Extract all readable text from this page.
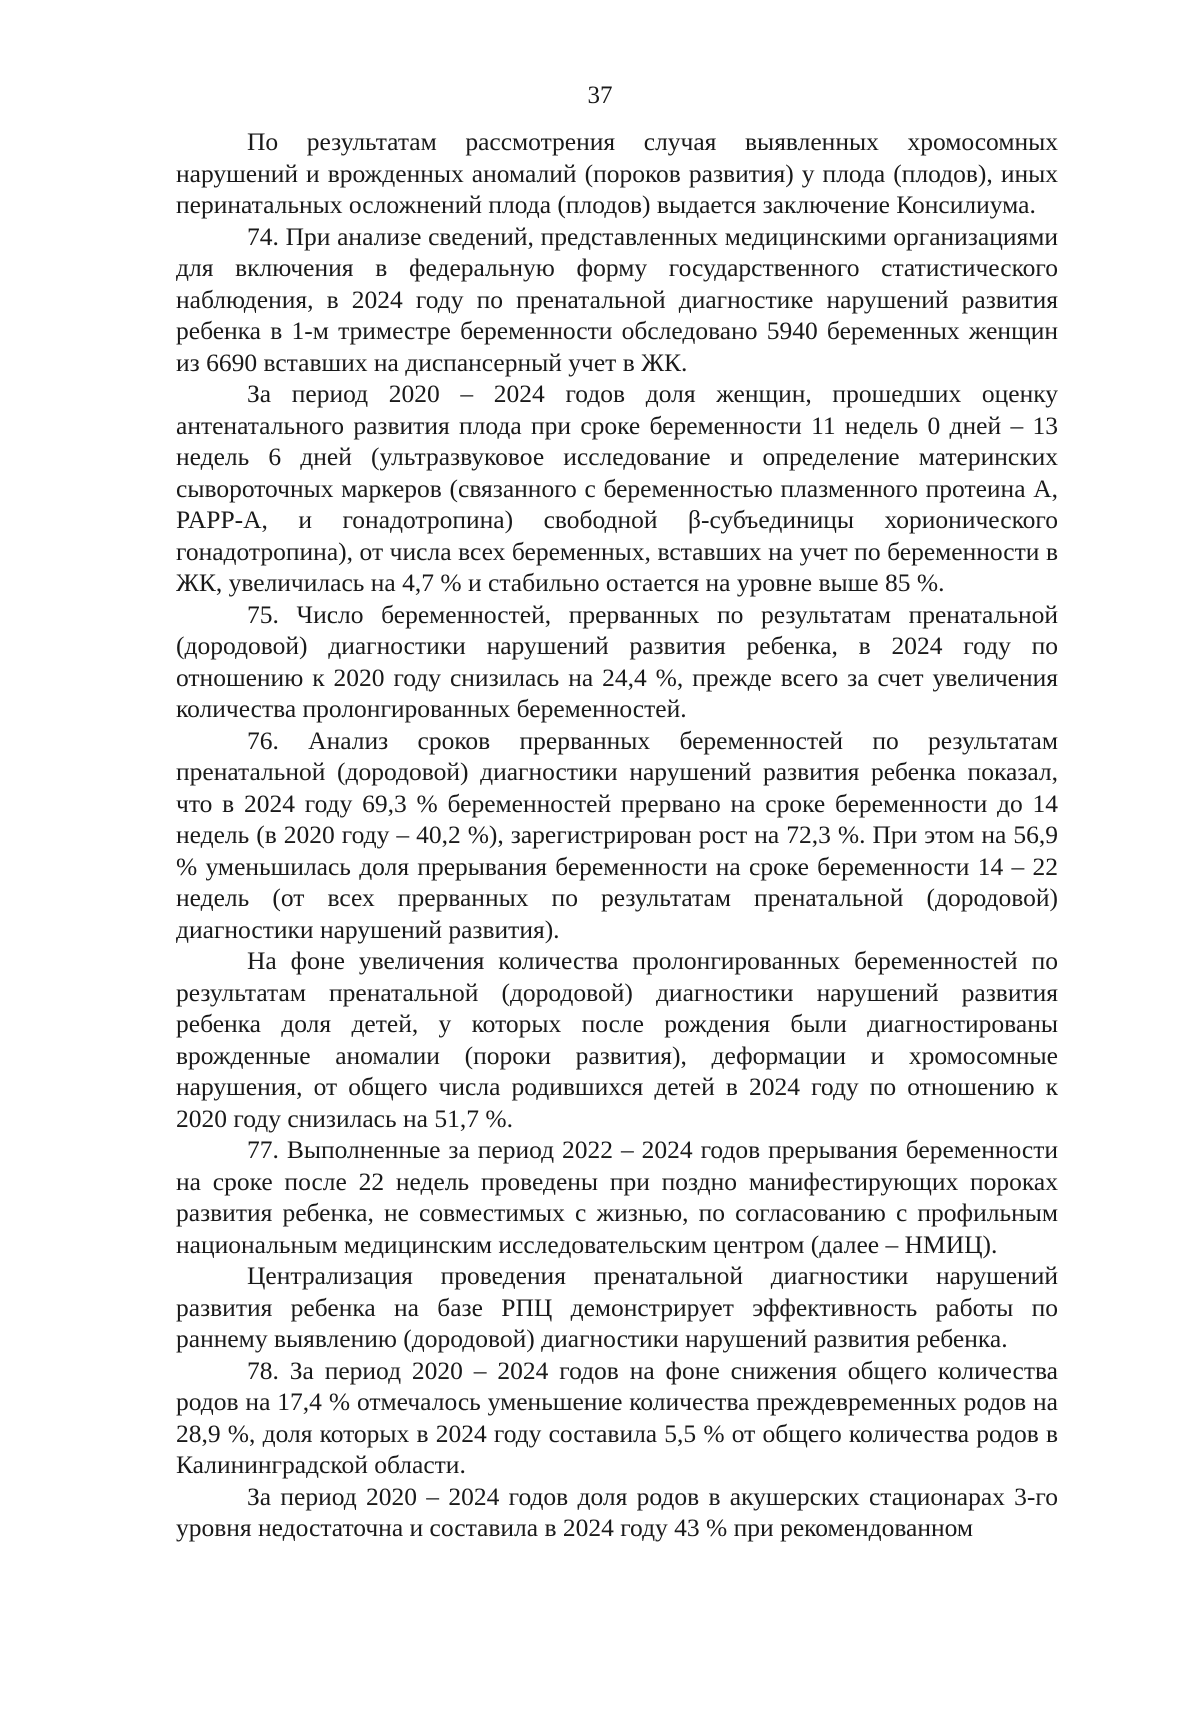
37

По результатам рассмотрения случая выявленных хромосомных нарушений и врожденных аномалий (пороков развития) у плода (плодов), иных перинатальных осложнений плода (плодов) выдается заключение Консилиума.

74. При анализе сведений, представленных медицинскими организациями для включения в федеральную форму государственного статистического наблюдения, в 2024 году по пренатальной диагностике нарушений развития ребенка в 1-м триместре беременности обследовано 5940 беременных женщин из 6690 вставших на диспансерный учет в ЖК.

За период 2020 – 2024 годов доля женщин, прошедших оценку антенатального развития плода при сроке беременности 11 недель 0 дней – 13 недель 6 дней (ультразвуковое исследование и определение материнских сывороточных маркеров (связанного с беременностью плазменного протеина A, PAPP-A, и гонадотропина) свободной β-субъединицы хорионического гонадотропина), от числа всех беременных, вставших на учет по беременности в ЖК, увеличилась на 4,7 % и стабильно остается на уровне выше 85 %.

75. Число беременностей, прерванных по результатам пренатальной (дородовой) диагностики нарушений развития ребенка, в 2024 году по отношению к 2020 году снизилась на 24,4 %, прежде всего за счет увеличения количества пролонгированных беременностей.

76. Анализ сроков прерванных беременностей по результатам пренатальной (дородовой) диагностики нарушений развития ребенка показал, что в 2024 году 69,3 % беременностей прервано на сроке беременности до 14 недель (в 2020 году – 40,2 %), зарегистрирован рост на 72,3 %. При этом на 56,9 % уменьшилась доля прерывания беременности на сроке беременности 14 – 22 недель (от всех прерванных по результатам пренатальной (дородовой) диагностики нарушений развития).

На фоне увеличения количества пролонгированных беременностей по результатам пренатальной (дородовой) диагностики нарушений развития ребенка доля детей, у которых после рождения были диагностированы врожденные аномалии (пороки развития), деформации и хромосомные нарушения, от общего числа родившихся детей в 2024 году по отношению к 2020 году снизилась на 51,7 %.

77. Выполненные за период 2022 – 2024 годов прерывания беременности на сроке после 22 недель проведены при поздно манифестирующих пороках развития ребенка, не совместимых с жизнью, по согласованию с профильным национальным медицинским исследовательским центром (далее – НМИЦ).

Централизация проведения пренатальной диагностики нарушений развития ребенка на базе РПЦ демонстрирует эффективность работы по раннему выявлению (дородовой) диагностики нарушений развития ребенка.

78. За период 2020 – 2024 годов на фоне снижения общего количества родов на 17,4 % отмечалось уменьшение количества преждевременных родов на 28,9 %, доля которых в 2024 году составила 5,5 % от общего количества родов в Калининградской области.

За период 2020 – 2024 годов доля родов в акушерских стационарах 3-го уровня недостаточна и составила в 2024 году 43 % при рекомендованном
